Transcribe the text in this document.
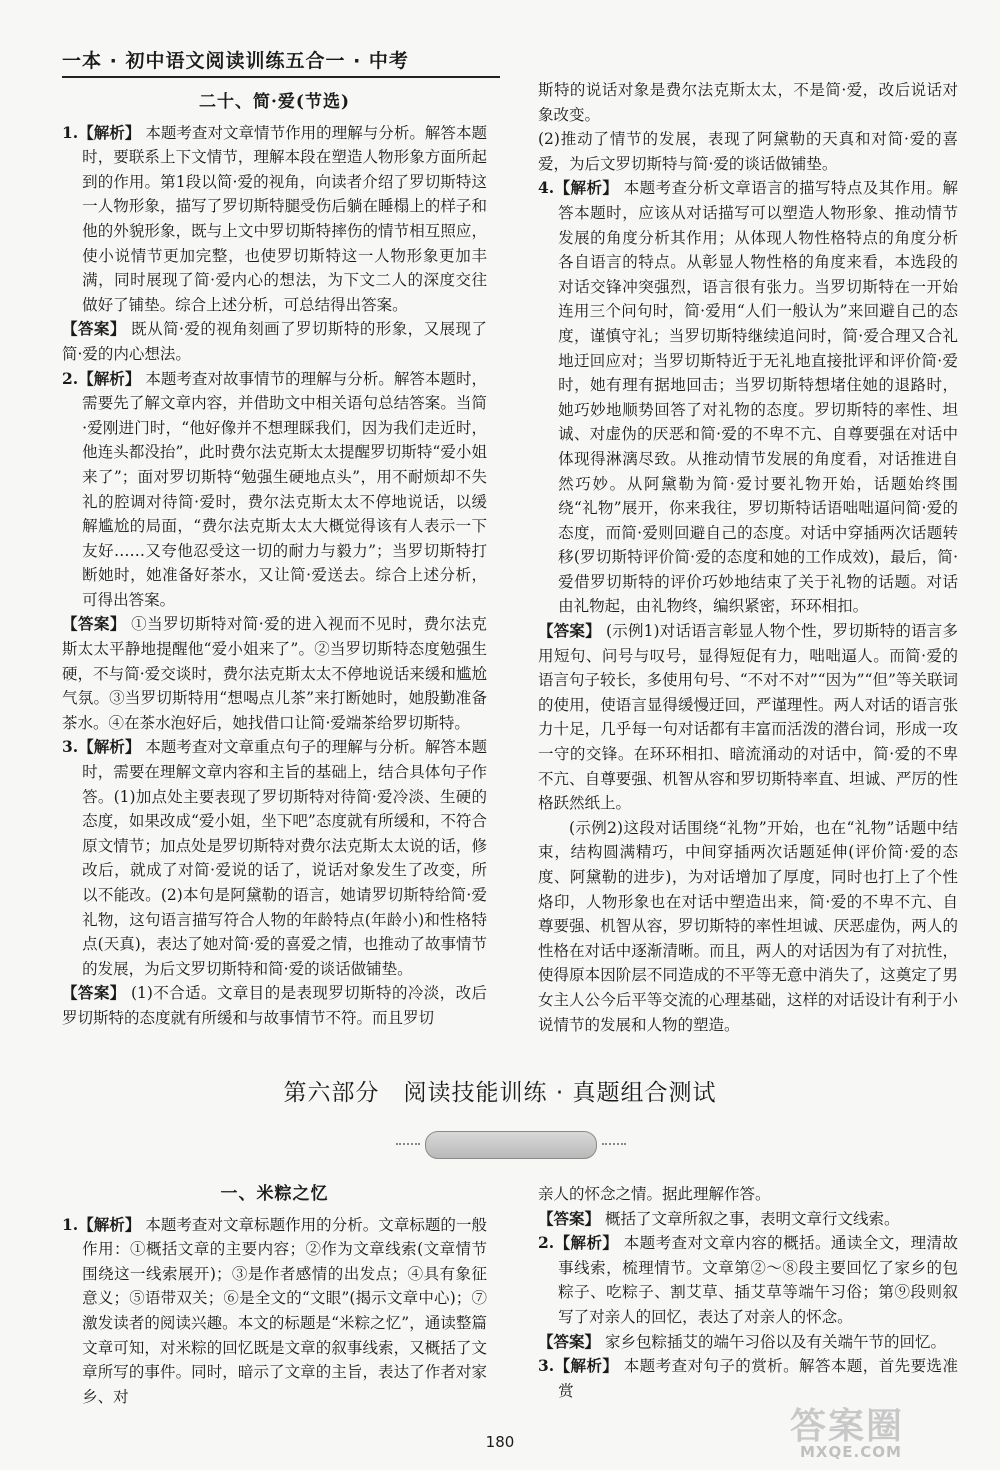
一本 · 初中语文阅读训练五合一 · 中考

二十、简·爱(节选)

1.【解析】 本题考查对文章情节作用的理解与分析。解答本题时，要联系上下文情节，理解本段在塑造人物形象方面所起到的作用。第1段以简·爱的视角，向读者介绍了罗切斯特这一人物形象，描写了罗切斯特腿受伤后躺在睡榻上的样子和他的外貌形象，既与上文中罗切斯特摔伤的情节相互照应，使小说情节更加完整，也使罗切斯特这一人物形象更加丰满，同时展现了简·爱内心的想法，为下文二人的深度交往做好了铺垫。综合上述分析，可总结得出答案。

【答案】 既从简·爱的视角刻画了罗切斯特的形象，又展现了简·爱的内心想法。

2.【解析】 本题考查对故事情节的理解与分析。解答本题时，需要先了解文章内容，并借助文中相关语句总结答案。当简·爱刚进门时，“他好像并不想理睬我们，因为我们走近时，他连头都没抬”，此时费尔法克斯太太提醒罗切斯特“爱小姐来了”；面对罗切斯特“勉强生硬地点头”，用不耐烦却不失礼的腔调对待简·爱时，费尔法克斯太太不停地说话，以缓解尴尬的局面，“费尔法克斯太太大概觉得该有人表示一下友好……又夸他忍受这一切的耐力与毅力”；当罗切斯特打断她时，她准备好茶水，又让简·爱送去。综合上述分析，可得出答案。

【答案】 ①当罗切斯特对简·爱的进入视而不见时，费尔法克斯太太平静地提醒他“爱小姐来了”。②当罗切斯特态度勉强生硬，不与简·爱交谈时，费尔法克斯太太不停地说话来缓和尴尬气氛。③当罗切斯特用“想喝点儿茶”来打断她时，她殷勤准备茶水。④在茶水泡好后，她找借口让简·爱端茶给罗切斯特。

3.【解析】 本题考查对文章重点句子的理解与分析。解答本题时，需要在理解文章内容和主旨的基础上，结合具体句子作答。(1)加点处主要表现了罗切斯特对待简·爱冷淡、生硬的态度，如果改成“爱小姐，坐下吧”态度就有所缓和，不符合原文情节；加点处是罗切斯特对费尔法克斯太太说的话，修改后，就成了对简·爱说的话了，说话对象发生了改变，所以不能改。(2)本句是阿黛勒的语言，她请罗切斯特给简·爱礼物，这句语言描写符合人物的年龄特点(年龄小)和性格特点(天真)，表达了她对简·爱的喜爱之情，也推动了故事情节的发展，为后文罗切斯特和简·爱的谈话做铺垫。

【答案】 (1)不合适。文章目的是表现罗切斯特的冷淡，改后罗切斯特的态度就有所缓和与故事情节不符。而且罗切

斯特的说话对象是费尔法克斯太太，不是简·爱，改后说话对象改变。

(2)推动了情节的发展，表现了阿黛勒的天真和对简·爱的喜爱，为后文罗切斯特与简·爱的谈话做铺垫。

4.【解析】 本题考查分析文章语言的描写特点及其作用。解答本题时，应该从对话描写可以塑造人物形象、推动情节发展的角度分析其作用；从体现人物性格特点的角度分析各自语言的特点。从彰显人物性格的角度来看，本选段的对话交锋冲突强烈，语言很有张力。当罗切斯特在一开始连用三个问句时，简·爱用“人们一般认为”来回避自己的态度，谨慎守礼；当罗切斯特继续追问时，简·爱合理又合礼地迂回应对；当罗切斯特近于无礼地直接批评和评价简·爱时，她有理有据地回击；当罗切斯特想堵住她的退路时，她巧妙地顺势回答了对礼物的态度。罗切斯特的率性、坦诚、对虚伪的厌恶和简·爱的不卑不亢、自尊要强在对话中体现得淋漓尽致。从推动情节发展的角度看，对话推进自然巧妙。从阿黛勒为简·爱讨要礼物开始，话题始终围绕“礼物”展开，你来我往，罗切斯特话语咄咄逼问简·爱的态度，而简·爱则回避自己的态度。对话中穿插两次话题转移(罗切斯特评价简·爱的态度和她的工作成效)，最后，简·爱借罗切斯特的评价巧妙地结束了关于礼物的话题。对话由礼物起，由礼物终，编织紧密，环环相扣。

【答案】 (示例1)对话语言彰显人物个性，罗切斯特的语言多用短句、问号与叹号，显得短促有力，咄咄逼人。而简·爱的语言句子较长，多使用句号、“不对不对”“因为”“但”等关联词的使用，使语言显得缓慢迂回，严谨理性。两人对话的语言张力十足，几乎每一句对话都有丰富而活泼的潜台词，形成一攻一守的交锋。在环环相扣、暗流涌动的对话中，简·爱的不卑不亢、自尊要强、机智从容和罗切斯特率直、坦诚、严厉的性格跃然纸上。

(示例2)这段对话围绕“礼物”开始，也在“礼物”话题中结束，结构圆满精巧，中间穿插两次话题延伸(评价简·爱的态度、阿黛勒的进步)，为对话增加了厚度，同时也打上了个性烙印，人物形象也在对话中塑造出来，简·爱的不卑不亢、自尊要强、机智从容，罗切斯特的率性坦诚、厌恶虚伪，两人的性格在对话中逐渐清晰。而且，两人的对话因为有了对抗性，使得原本因阶层不同造成的不平等无意中消失了，这奠定了男女主人公今后平等交流的心理基础，这样的对话设计有利于小说情节的发展和人物的塑造。

第六部分　阅读技能训练 · 真题组合测试

一、米粽之忆

1.【解析】 本题考查对文章标题作用的分析。文章标题的一般作用：①概括文章的主要内容；②作为文章线索(文章情节围绕这一线索展开)；③是作者感情的出发点；④具有象征意义；⑤语带双关；⑥是全文的“文眼”(揭示文章中心)；⑦激发读者的阅读兴趣。本文的标题是“米粽之忆”，通读整篇文章可知，对米粽的回忆既是文章的叙事线索，又概括了文章所写的事件。同时，暗示了文章的主旨，表达了作者对家乡、对

亲人的怀念之情。据此理解作答。

【答案】 概括了文章所叙之事，表明文章行文线索。

2.【解析】 本题考查对文章内容的概括。通读全文，理清故事线索，梳理情节。文章第②～⑧段主要回忆了家乡的包粽子、吃粽子、割艾草、插艾草等端午习俗；第⑨段则叙写了对亲人的回忆，表达了对亲人的怀念。

【答案】 家乡包粽插艾的端午习俗以及有关端午节的回忆。

3.【解析】 本题考查对句子的赏析。解答本题，首先要选准赏

180	答案圈
MXQE.COM
